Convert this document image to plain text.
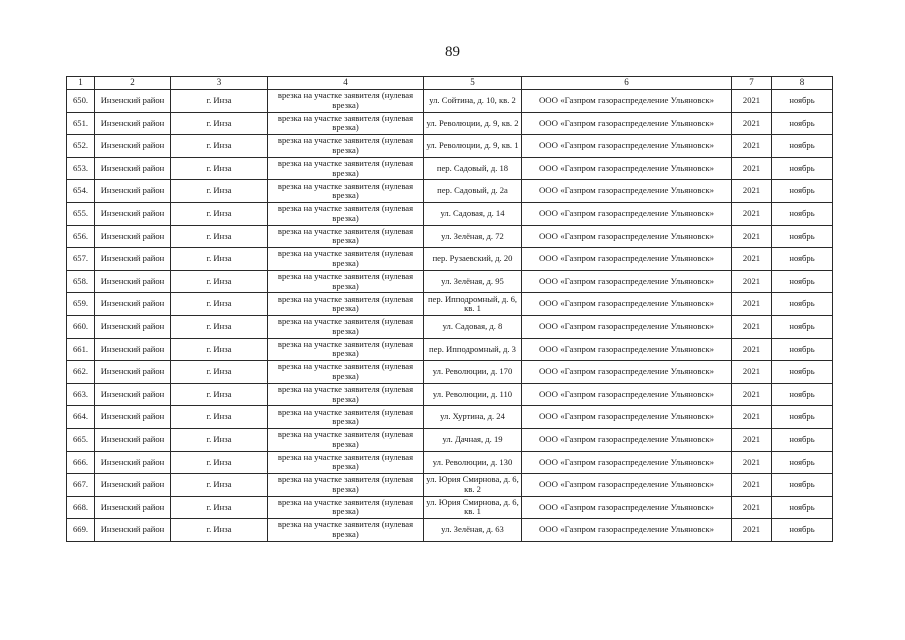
89
1	2	3	4	5	6	7	8
650.	Инзенский район	г. Инза	врезка на участке заявителя (нулевая врезка)	ул. Сойтина, д. 10, кв. 2	ООО «Газпром газораспределение Ульяновск»	2021	ноябрь
651.	Инзенский район	г. Инза	врезка на участке заявителя (нулевая врезка)	ул. Революции, д. 9, кв. 2	ООО «Газпром газораспределение Ульяновск»	2021	ноябрь
652.	Инзенский район	г. Инза	врезка на участке заявителя (нулевая врезка)	ул. Революции, д. 9, кв. 1	ООО «Газпром газораспределение Ульяновск»	2021	ноябрь
653.	Инзенский район	г. Инза	врезка на участке заявителя (нулевая врезка)	пер. Садовый, д. 18	ООО «Газпром газораспределение Ульяновск»	2021	ноябрь
654.	Инзенский район	г. Инза	врезка на участке заявителя (нулевая врезка)	пер. Садовый, д. 2а	ООО «Газпром газораспределение Ульяновск»	2021	ноябрь
655.	Инзенский район	г. Инза	врезка на участке заявителя (нулевая врезка)	ул. Садовая, д. 14	ООО «Газпром газораспределение Ульяновск»	2021	ноябрь
656.	Инзенский район	г. Инза	врезка на участке заявителя (нулевая врезка)	ул. Зелёная, д. 72	ООО «Газпром газораспределение Ульяновск»	2021	ноябрь
657.	Инзенский район	г. Инза	врезка на участке заявителя (нулевая врезка)	пер. Рузаевский, д. 20	ООО «Газпром газораспределение Ульяновск»	2021	ноябрь
658.	Инзенский район	г. Инза	врезка на участке заявителя (нулевая врезка)	ул. Зелёная, д. 95	ООО «Газпром газораспределение Ульяновск»	2021	ноябрь
659.	Инзенский район	г. Инза	врезка на участке заявителя (нулевая врезка)	пер. Ипподромный, д. 6, кв. 1	ООО «Газпром газораспределение Ульяновск»	2021	ноябрь
660.	Инзенский район	г. Инза	врезка на участке заявителя (нулевая врезка)	ул. Садовая, д. 8	ООО «Газпром газораспределение Ульяновск»	2021	ноябрь
661.	Инзенский район	г. Инза	врезка на участке заявителя (нулевая врезка)	пер. Ипподромный, д. 3	ООО «Газпром газораспределение Ульяновск»	2021	ноябрь
662.	Инзенский район	г. Инза	врезка на участке заявителя (нулевая врезка)	ул. Революции, д. 170	ООО «Газпром газораспределение Ульяновск»	2021	ноябрь
663.	Инзенский район	г. Инза	врезка на участке заявителя (нулевая врезка)	ул. Революции, д. 110	ООО «Газпром газораспределение Ульяновск»	2021	ноябрь
664.	Инзенский район	г. Инза	врезка на участке заявителя (нулевая врезка)	ул. Хуртина, д. 24	ООО «Газпром газораспределение Ульяновск»	2021	ноябрь
665.	Инзенский район	г. Инза	врезка на участке заявителя (нулевая врезка)	ул. Дачная, д. 19	ООО «Газпром газораспределение Ульяновск»	2021	ноябрь
666.	Инзенский район	г. Инза	врезка на участке заявителя (нулевая врезка)	ул. Революции, д. 130	ООО «Газпром газораспределение Ульяновск»	2021	ноябрь
667.	Инзенский район	г. Инза	врезка на участке заявителя (нулевая врезка)	ул. Юрия Смирнова, д. 6, кв. 2	ООО «Газпром газораспределение Ульяновск»	2021	ноябрь
668.	Инзенский район	г. Инза	врезка на участке заявителя (нулевая врезка)	ул. Юрия Смирнова, д. 6, кв. 1	ООО «Газпром газораспределение Ульяновск»	2021	ноябрь
669.	Инзенский район	г. Инза	врезка на участке заявителя (нулевая врезка)	ул. Зелёная, д. 63	ООО «Газпром газораспределение Ульяновск»	2021	ноябрь
